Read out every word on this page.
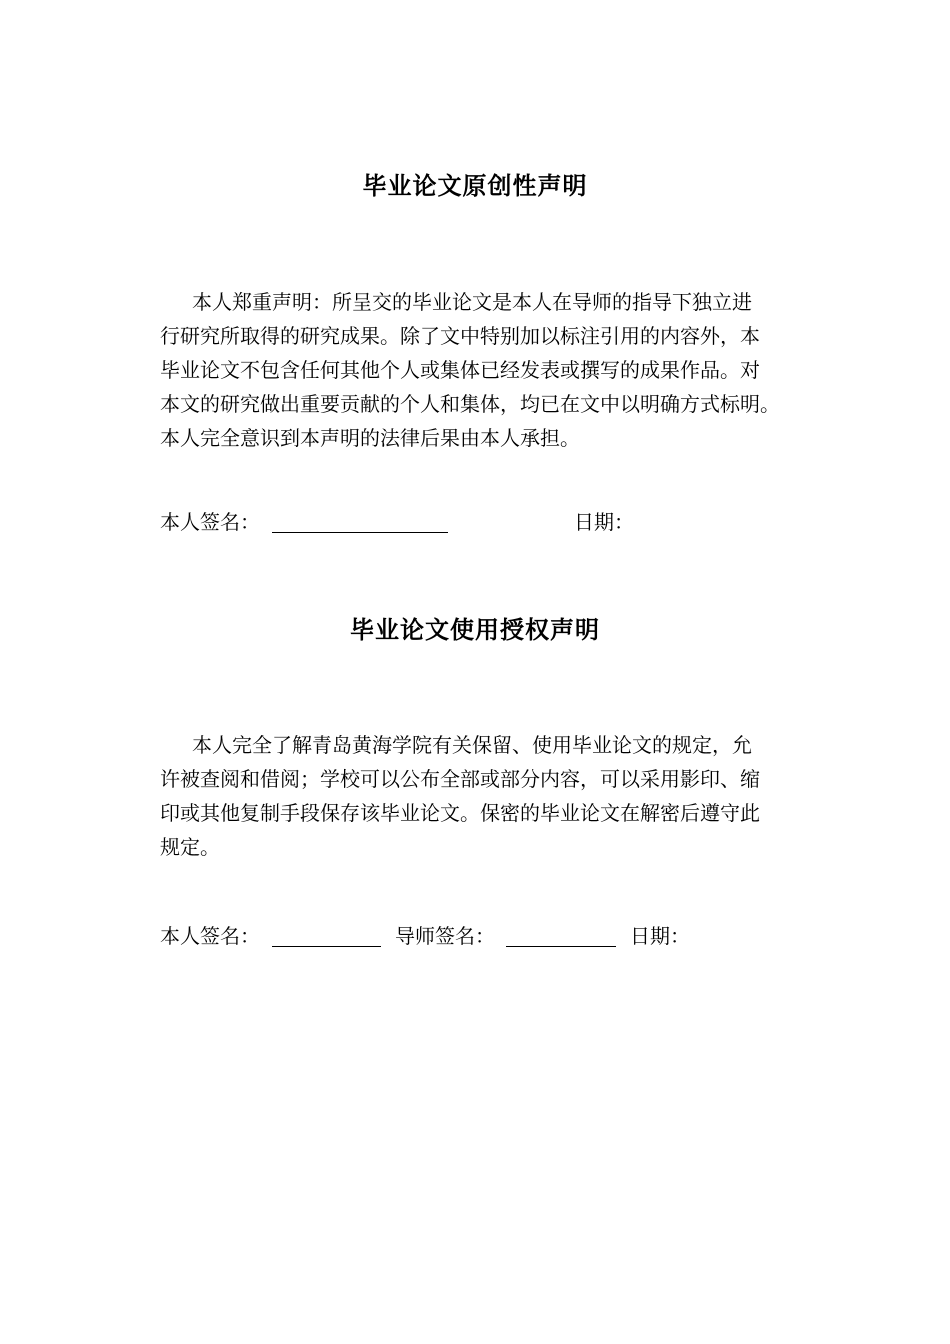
毕业论文原创性声明
本人郑重声明：所呈交的毕业论文是本人在导师的指导下独立进
行研究所取得的研究成果。除了文中特别加以标注引用的内容外，本
毕业论文不包含任何其他个人或集体已经发表或撰写的成果作品。对
本文的研究做出重要贡献的个人和集体，均已在文中以明确方式标明。
本人完全意识到本声明的法律后果由本人承担。
本人签名：	日期：
毕业论文使用授权声明
本人完全了解青岛黄海学院有关保留、使用毕业论文的规定，允
许被查阅和借阅；学校可以公布全部或部分内容，可以采用影印、缩
印或其他复制手段保存该毕业论文。保密的毕业论文在解密后遵守此
规定。
本人签名：	导师签名：	日期：
